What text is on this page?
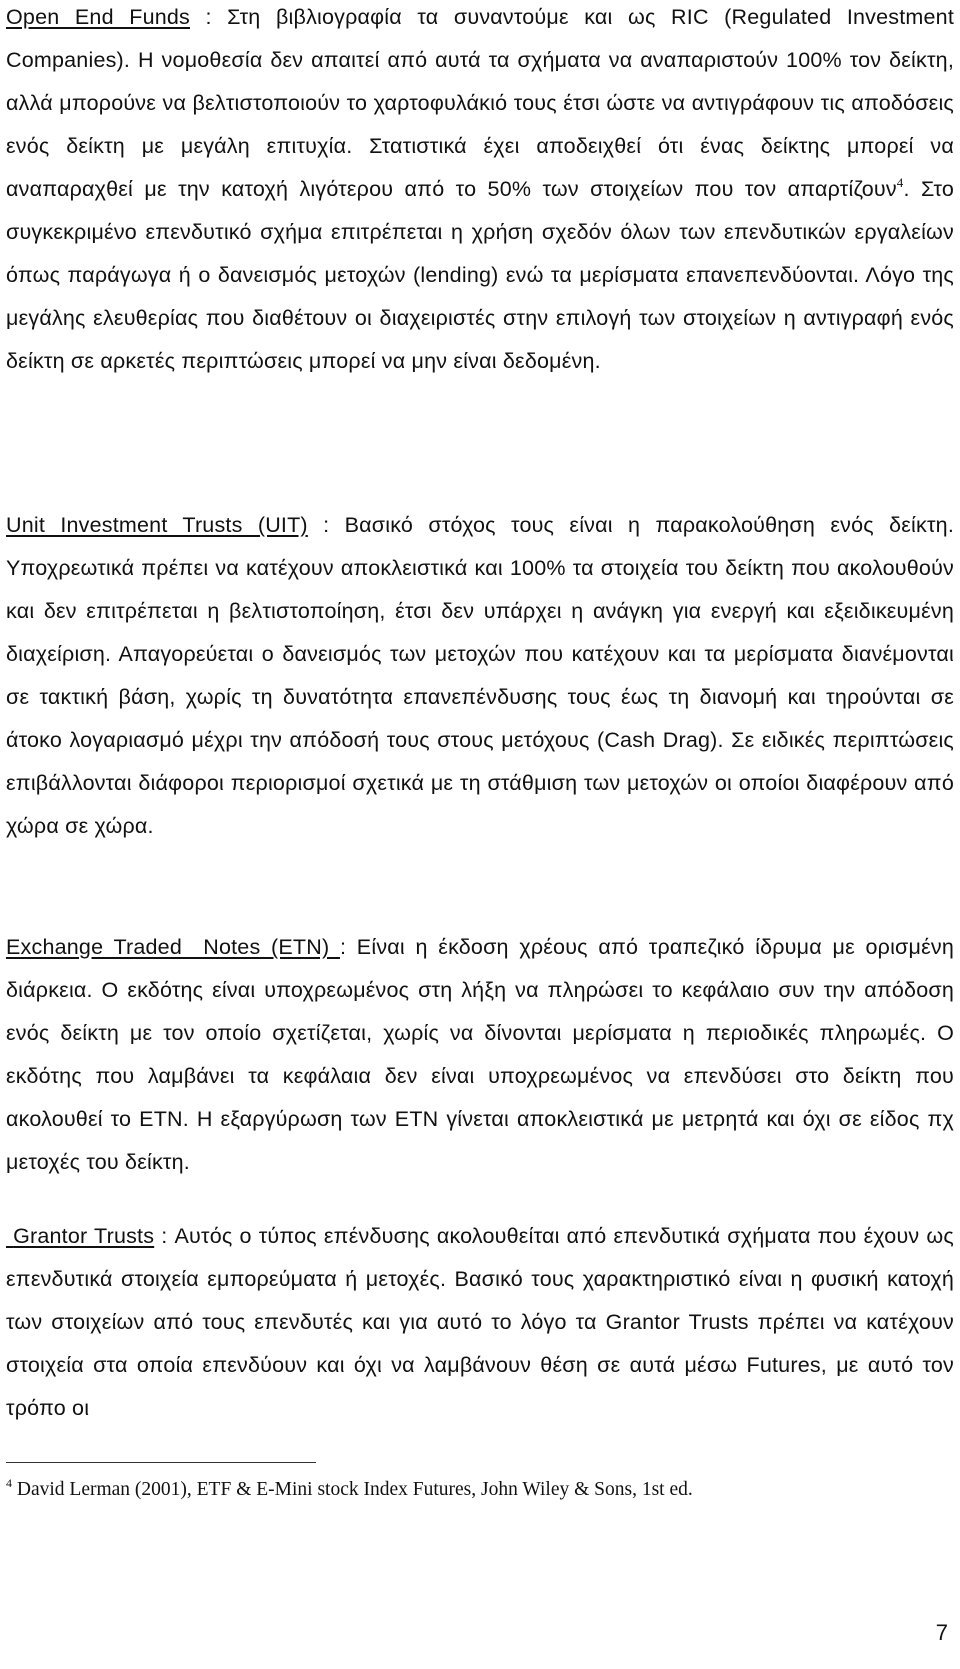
Open End Funds : Στη βιβλιογραφία τα συναντούμε και ως RIC (Regulated Investment Companies). Η νομοθεσία δεν απαιτεί από αυτά τα σχήματα να αναπαριστούν 100% τον δείκτη, αλλά μπορούνε να βελτιστοποιούν το χαρτοφυλάκιό τους έτσι ώστε να αντιγράφουν τις αποδόσεις ενός δείκτη με μεγάλη επιτυχία. Στατιστικά έχει αποδειχθεί ότι ένας δείκτης μπορεί να αναπαραχθεί με την κατοχή λιγότερου από το 50% των στοιχείων που τον απαρτίζουν$^4$. Στο συγκεκριμένο επενδυτικό σχήμα επιτρέπεται η χρήση σχεδόν όλων των επενδυτικών εργαλείων όπως παράγωγα ή ο δανεισμός μετοχών (lending) ενώ τα μερίσματα επανεπενδύονται. Λόγο της μεγάλης ελευθερίας που διαθέτουν οι διαχειριστές στην επιλογή των στοιχείων η αντιγραφή ενός δείκτη σε αρκετές περιπτώσεις μπορεί να μην είναι δεδομένη.

Unit Investment Trusts (UIT) : Βασικό στόχος τους είναι η παρακολούθηση ενός δείκτη. Υποχρεωτικά πρέπει να κατέχουν αποκλειστικά και 100% τα στοιχεία του δείκτη που ακολουθούν και δεν επιτρέπεται η βελτιστοποίηση, έτσι δεν υπάρχει η ανάγκη για ενεργή και εξειδικευμένη διαχείριση. Απαγορεύεται ο δανεισμός των μετοχών που κατέχουν και τα μερίσματα διανέμονται σε τακτική βάση, χωρίς τη δυνατότητα επανεπένδυσης τους έως τη διανομή και τηρούνται σε άτοκο λογαριασμό μέχρι την απόδοσή τους στους μετόχους (Cash Drag). Σε ειδικές περιπτώσεις επιβάλλονται διάφοροι περιορισμοί σχετικά με τη στάθμιση των μετοχών οι οποίοι διαφέρουν από χώρα σε χώρα.

Exchange Traded  Notes (ETN) : Είναι η έκδοση χρέους από τραπεζικό ίδρυμα με ορισμένη διάρκεια. Ο εκδότης είναι υποχρεωμένος στη λήξη να πληρώσει το κεφάλαιο συν την απόδοση ενός δείκτη με τον οποίο σχετίζεται, χωρίς να δίνονται μερίσματα η περιοδικές πληρωμές. Ο εκδότης που λαμβάνει τα κεφάλαια δεν είναι υποχρεωμένος να επενδύσει στο δείκτη που ακολουθεί το ΕΤΝ. Η εξαργύρωση των ETN γίνεται αποκλειστικά με μετρητά και όχι σε είδος πχ μετοχές του δείκτη.

Grantor Trusts : Αυτός ο τύπος επένδυσης ακολουθείται από επενδυτικά σχήματα που έχουν ως επενδυτικά στοιχεία εμπορεύματα ή μετοχές. Βασικό τους χαρακτηριστικό είναι η φυσική κατοχή των στοιχείων από τους επενδυτές και για αυτό το λόγο τα Grantor Trusts πρέπει να κατέχουν στοιχεία στα οποία επενδύουν και όχι να λαμβάνουν θέση σε αυτά μέσω Futures, με αυτό τον τρόπο οι

$^4$ David Lerman (2001), ETF & E-Mini stock Index Futures, John Wiley & Sons, 1st ed.
7
